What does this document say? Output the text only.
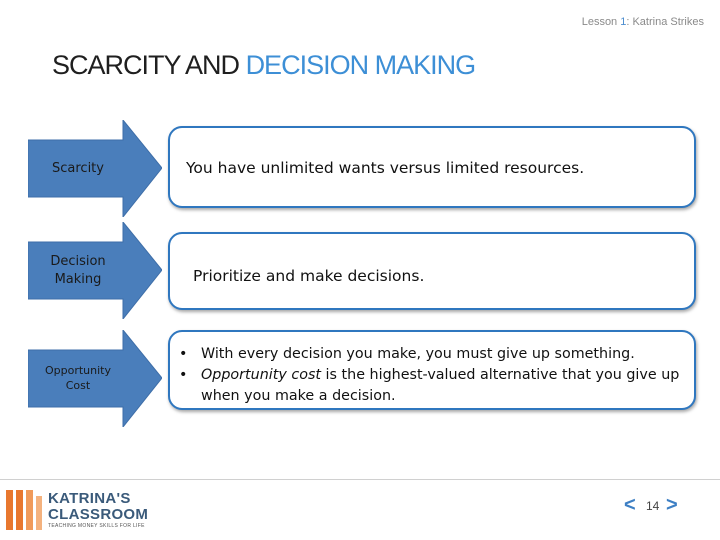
Lesson 1: Katrina Strikes
SCARCITY AND DECISION MAKING
Scarcity
Decision
Making
Opportunity
Cost
You have unlimited wants versus limited resources.
Prioritize and make decisions.
• With every decision you make, you must give up something.
• Opportunity cost is the highest-valued alternative that you give up when you make a decision.
KATRINA'S
CLASSROOM
TEACHING MONEY SKILLS FOR LIFE
< 14 >
